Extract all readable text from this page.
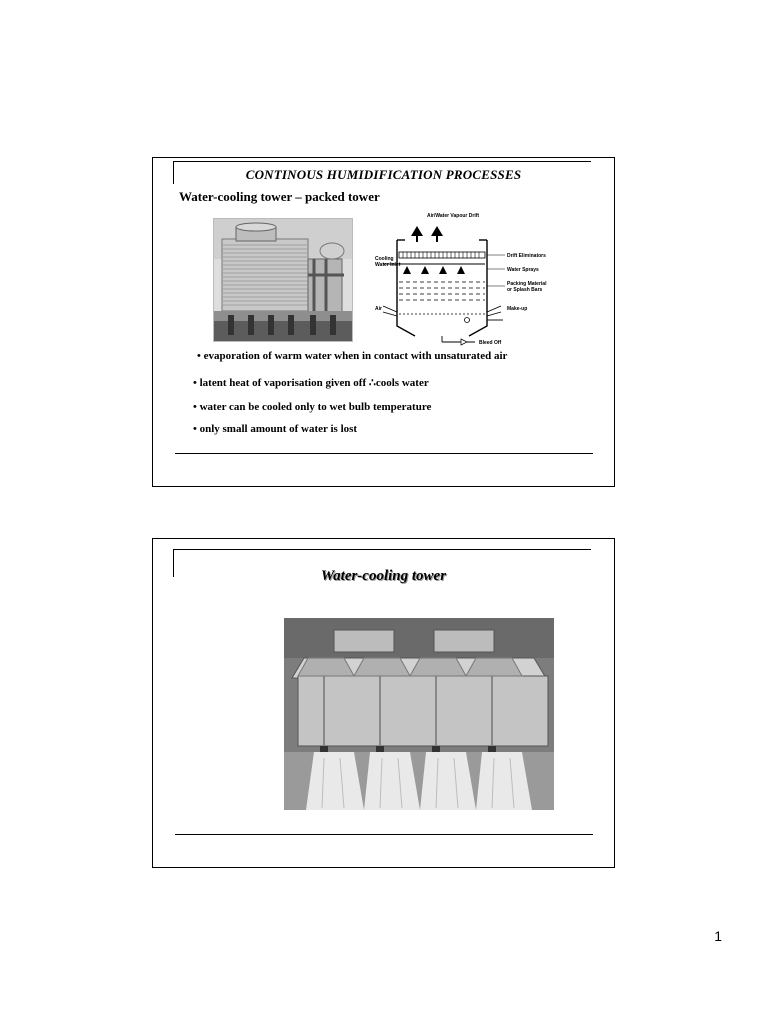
CONTINOUS HUMIDIFICATION PROCESSES
Water-cooling tower – packed tower
Air/Water Vapour Drift
Drift Eliminators
Cooling
Water Inlet
Water Sprays
Packing Material
or Splash Bars
Air	Make-up
Bleed Off
• evaporation of warm water when in contact with unsaturated air
• latent heat of vaporisation given off ∴cools water
• water can be cooled only to wet bulb temperature
• only small amount of water is lost
Water-cooling tower
1
